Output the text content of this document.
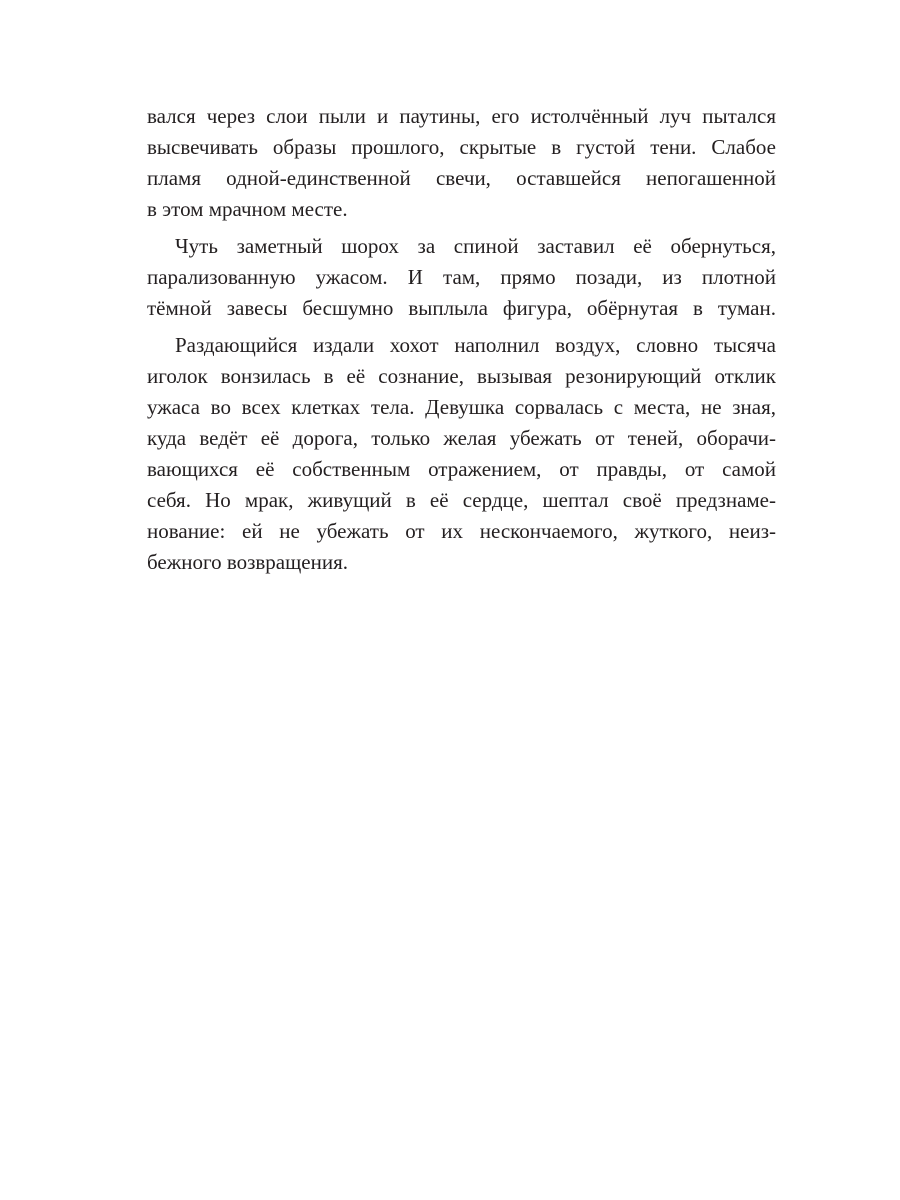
вался через слои пыли и паутины, его истолчённый луч пытался
высвечивать образы прошлого, скрытые в густой тени. Слабое
пламя одной-единственной свечи, оставшейся непогашенной
в этом мрачном месте.
Чуть заметный шорох за спиной заставил её обернуться,
парализованную ужасом. И там, прямо позади, из плотной
тёмной завесы бесшумно выплыла фигура, обёрнутая в туман.
Раздающийся издали хохот наполнил воздух, словно тысяча
иголок вонзилась в её сознание, вызывая резонирующий отклик
ужаса во всех клетках тела. Девушка сорвалась с места, не зная,
куда ведёт её дорога, только желая убежать от теней, оборачи-
вающихся её собственным отражением, от правды, от самой
себя. Но мрак, живущий в её сердце, шептал своё предзнаме-
нование: ей не убежать от их нескончаемого, жуткого, неиз-
бежного возвращения.
